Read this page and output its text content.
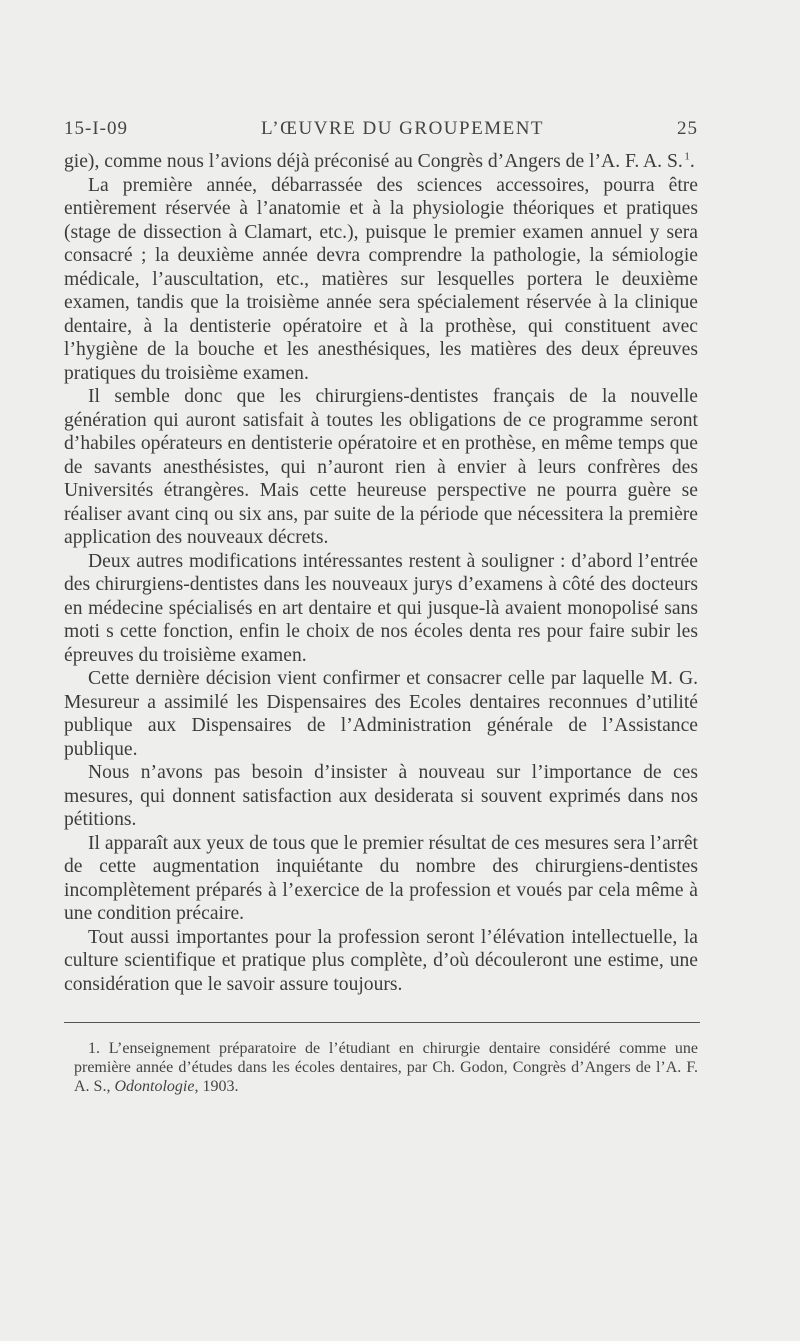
15-I-09	L’ŒUVRE DU GROUPEMENT	25

gie), comme nous l’avions déjà préconisé au Congrès d’Angers de l’A. F. A. S.  $^1$.

La première année, débarrassée des sciences accessoires, pourra être entièrement réservée à l’anatomie et à la physiologie théoriques et pratiques (stage de dissection à Clamart, etc.), puisque le premier examen annuel y sera consacré ; la deuxième année devra comprendre la pathologie, la sémiologie médicale, l’auscultation, etc., matières sur lesquelles portera le deuxième examen, tandis que la troisième année sera spécialement réservée à la clinique dentaire, à la dentisterie opératoire et à la prothèse, qui constituent avec l’hygiène de la bouche et les anesthésiques, les matières des deux épreuves pratiques du troisième examen.

Il semble donc que les chirurgiens-dentistes français de la nouvelle génération qui auront satisfait à toutes les obligations de ce programme seront d’habiles opérateurs en dentisterie opératoire et en prothèse, en même temps que de savants anesthésistes, qui n’auront rien à envier à leurs confrères des Universités étrangères. Mais cette heureuse perspective ne pourra guère se réaliser avant cinq ou six ans, par suite de la période que nécessitera la première application des nouveaux décrets.

Deux autres modifications intéressantes restent à souligner : d’abord l’entrée des chirurgiens-dentistes dans les nouveaux jurys d’examens à côté des docteurs en médecine spécialisés en art dentaire et qui jusque-là avaient monopolisé sans moti s cette fonction, enfin le choix de nos écoles denta res pour faire subir les épreuves du troisième examen.

Cette dernière décision vient confirmer et consacrer celle par laquelle M. G. Mesureur a assimilé les Dispensaires des Ecoles dentaires reconnues d’utilité publique aux Dispensaires de l’Administration générale de l’Assistance publique.

Nous n’avons pas besoin d’insister à nouveau sur l’importance de ces mesures, qui donnent satisfaction aux desiderata si souvent exprimés dans nos pétitions.

Il apparaît aux yeux de tous que le premier résultat de ces mesures sera l’arrêt de cette augmentation inquiétante du nombre des chirurgiens-dentistes incomplètement préparés à l’exercice de la profession et voués par cela même à une condition précaire.

Tout aussi importantes pour la profession seront l’élévation intellectuelle, la culture scientifique et pratique plus complète, d’où découleront une estime, une considération que le savoir assure toujours.

1. L’enseignement préparatoire de l’étudiant en chirurgie dentaire considéré comme une première année d’études dans les écoles dentaires, par Ch. Godon, Congrès d’Angers de l’A. F. A. S., Odontologie, 1903.
